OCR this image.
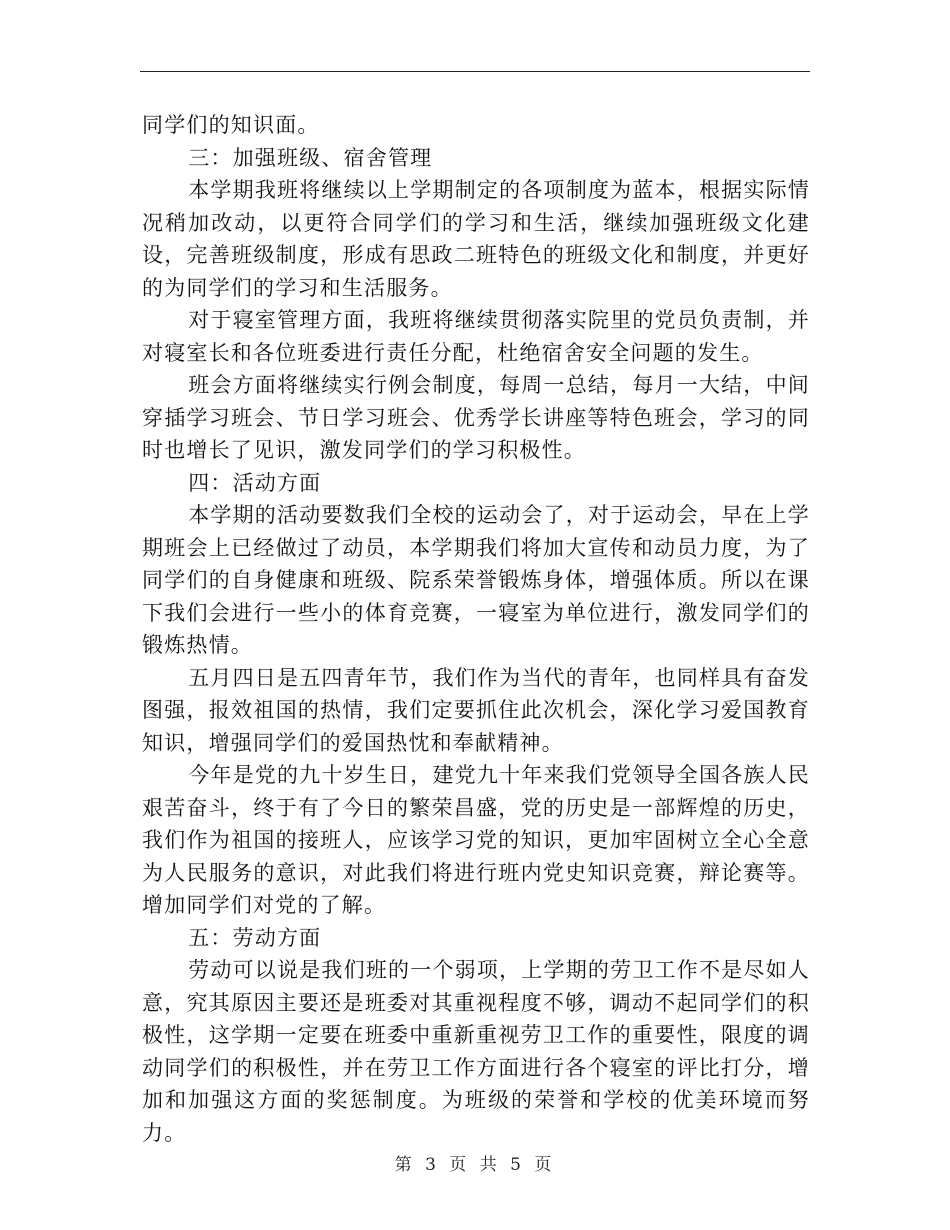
同学们的知识面。

三：加强班级、宿舍管理

本学期我班将继续以上学期制定的各项制度为蓝本，根据实际情况稍加改动，以更符合同学们的学习和生活，继续加强班级文化建设，完善班级制度，形成有思政二班特色的班级文化和制度，并更好的为同学们的学习和生活服务。

对于寝室管理方面，我班将继续贯彻落实院里的党员负责制，并对寝室长和各位班委进行责任分配，杜绝宿舍安全问题的发生。

班会方面将继续实行例会制度，每周一总结，每月一大结，中间穿插学习班会、节日学习班会、优秀学长讲座等特色班会，学习的同时也增长了见识，激发同学们的学习积极性。

四：活动方面

本学期的活动要数我们全校的运动会了，对于运动会，早在上学期班会上已经做过了动员，本学期我们将加大宣传和动员力度，为了同学们的自身健康和班级、院系荣誉锻炼身体，增强体质。所以在课下我们会进行一些小的体育竞赛，一寝室为单位进行，激发同学们的锻炼热情。

五月四日是五四青年节，我们作为当代的青年，也同样具有奋发图强，报效祖国的热情，我们定要抓住此次机会，深化学习爱国教育知识，增强同学们的爱国热忱和奉献精神。

今年是党的九十岁生日，建党九十年来我们党领导全国各族人民艰苦奋斗，终于有了今日的繁荣昌盛，党的历史是一部辉煌的历史，我们作为祖国的接班人，应该学习党的知识，更加牢固树立全心全意为人民服务的意识，对此我们将进行班内党史知识竞赛，辩论赛等。增加同学们对党的了解。

五：劳动方面

劳动可以说是我们班的一个弱项，上学期的劳卫工作不是尽如人意，究其原因主要还是班委对其重视程度不够，调动不起同学们的积极性，这学期一定要在班委中重新重视劳卫工作的重要性，限度的调动同学们的积极性，并在劳卫工作方面进行各个寝室的评比打分，增加和加强这方面的奖惩制度。为班级的荣誉和学校的优美环境而努力。

第 3 页 共 5 页
